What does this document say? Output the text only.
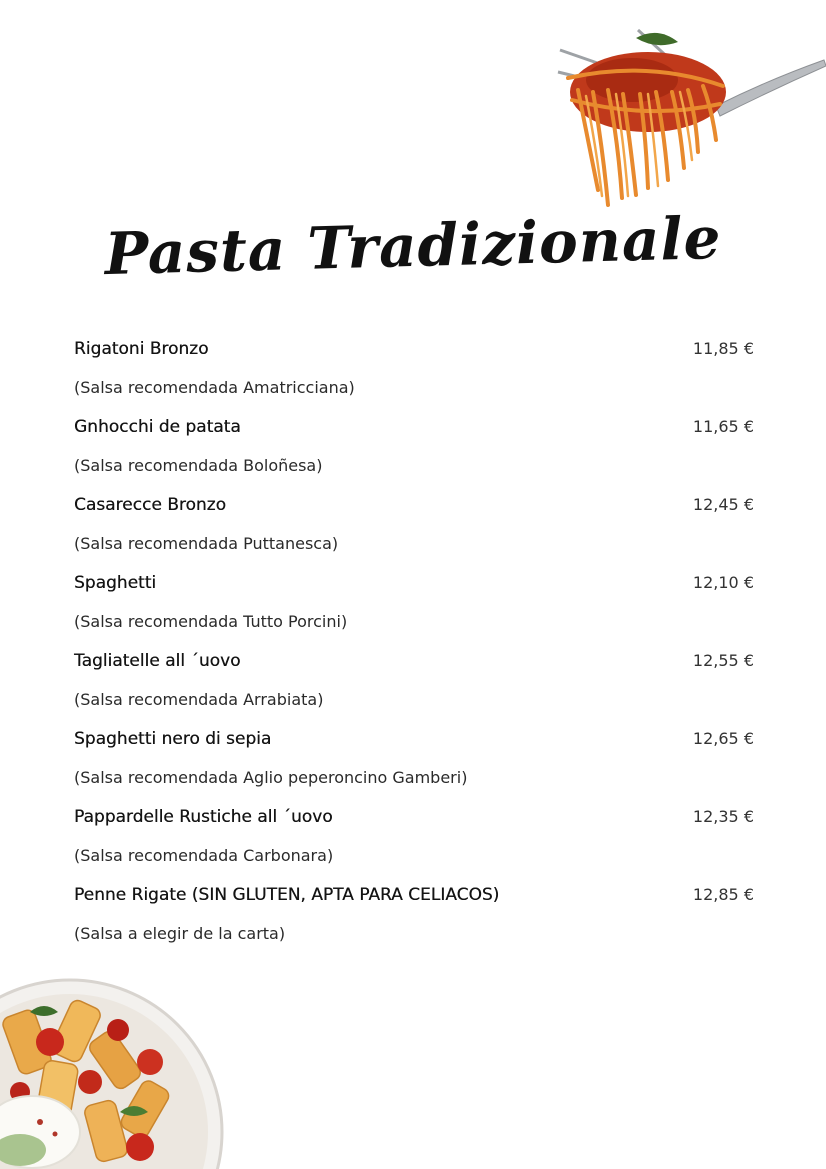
Pasta Tradizionale
Rigatoni Bronzo	11,85 €
(Salsa recomendada Amatricciana)
Gnhocchi de patata	11,65 €
(Salsa recomendada Boloñesa)
Casarecce Bronzo	12,45 €
(Salsa recomendada Puttanesca)
Spaghetti	12,10 €
(Salsa recomendada Tutto Porcini)
Tagliatelle all ´uovo	12,55 €
(Salsa recomendada Arrabiata)
Spaghetti nero di sepia	12,65 €
(Salsa recomendada Aglio peperoncino Gamberi)
Pappardelle Rustiche all ´uovo	12,35 €
(Salsa recomendada Carbonara)
Penne Rigate (SIN GLUTEN, APTA PARA CELIACOS)	12,85 €
(Salsa a elegir de la carta)
